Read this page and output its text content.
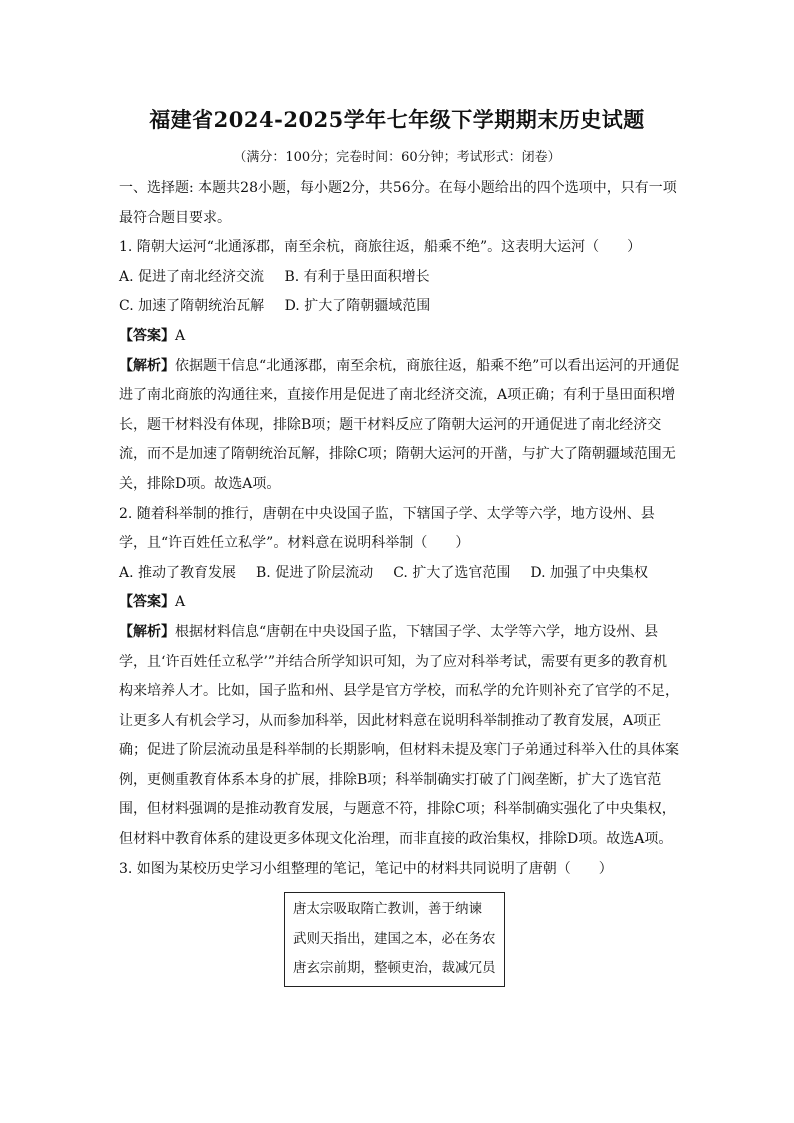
福建省2024-2025学年七年级下学期期末历史试题
（满分：100分；完卷时间：60分钟；考试形式：闭卷）

一、选择题: 本题共28小题，每小题2分，共56分。在每小题给出的四个选项中，只有一项最符合题目要求。

1. 隋朝大运河“北通涿郡，南至余杭，商旅往返，船乘不绝”。这表明大运河（　　）

A. 促进了南北经济交流 B. 有利于垦田面积增长

C. 加速了隋朝统治瓦解 D. 扩大了隋朝疆域范围

【答案】A

【解析】依据题干信息“北通涿郡，南至余杭，商旅往返，船乘不绝”可以看出运河的开通促进了南北商旅的沟通往来，直接作用是促进了南北经济交流，A项正确；有利于垦田面积增长，题干材料没有体现，排除B项；题干材料反应了隋朝大运河的开通促进了南北经济交流，而不是加速了隋朝统治瓦解，排除C项；隋朝大运河的开凿，与扩大了隋朝疆域范围无关，排除D项。故选A项。

2. 随着科举制的推行，唐朝在中央设国子监，下辖国子学、太学等六学，地方设州、县学，且“许百姓任立私学”。材料意在说明科举制（　　）

A. 推动了教育发展 B. 促进了阶层流动 C. 扩大了选官范围 D. 加强了中央集权

【答案】A

【解析】根据材料信息“唐朝在中央设国子监，下辖国子学、太学等六学，地方设州、县学，且‘许百姓任立私学’”并结合所学知识可知，为了应对科举考试，需要有更多的教育机构来培养人才。比如，国子监和州、县学是官方学校，而私学的允许则补充了官学的不足，让更多人有机会学习，从而参加科举，因此材料意在说明科举制推动了教育发展，A项正确；促进了阶层流动虽是科举制的长期影响，但材料未提及寒门子弟通过科举入仕的具体案例，更侧重教育体系本身的扩展，排除B项；科举制确实打破了门阀垄断，扩大了选官范围，但材料强调的是推动教育发展，与题意不符，排除C项；科举制确实强化了中央集权，但材料中教育体系的建设更多体现文化治理，而非直接的政治集权，排除D项。故选A项。

3. 如图为某校历史学习小组整理的笔记，笔记中的材料共同说明了唐朝（　　）

唐太宗吸取隋亡教训，善于纳谏
武则天指出，建国之本，必在务农
唐玄宗前期，整顿吏治，裁减冗员
